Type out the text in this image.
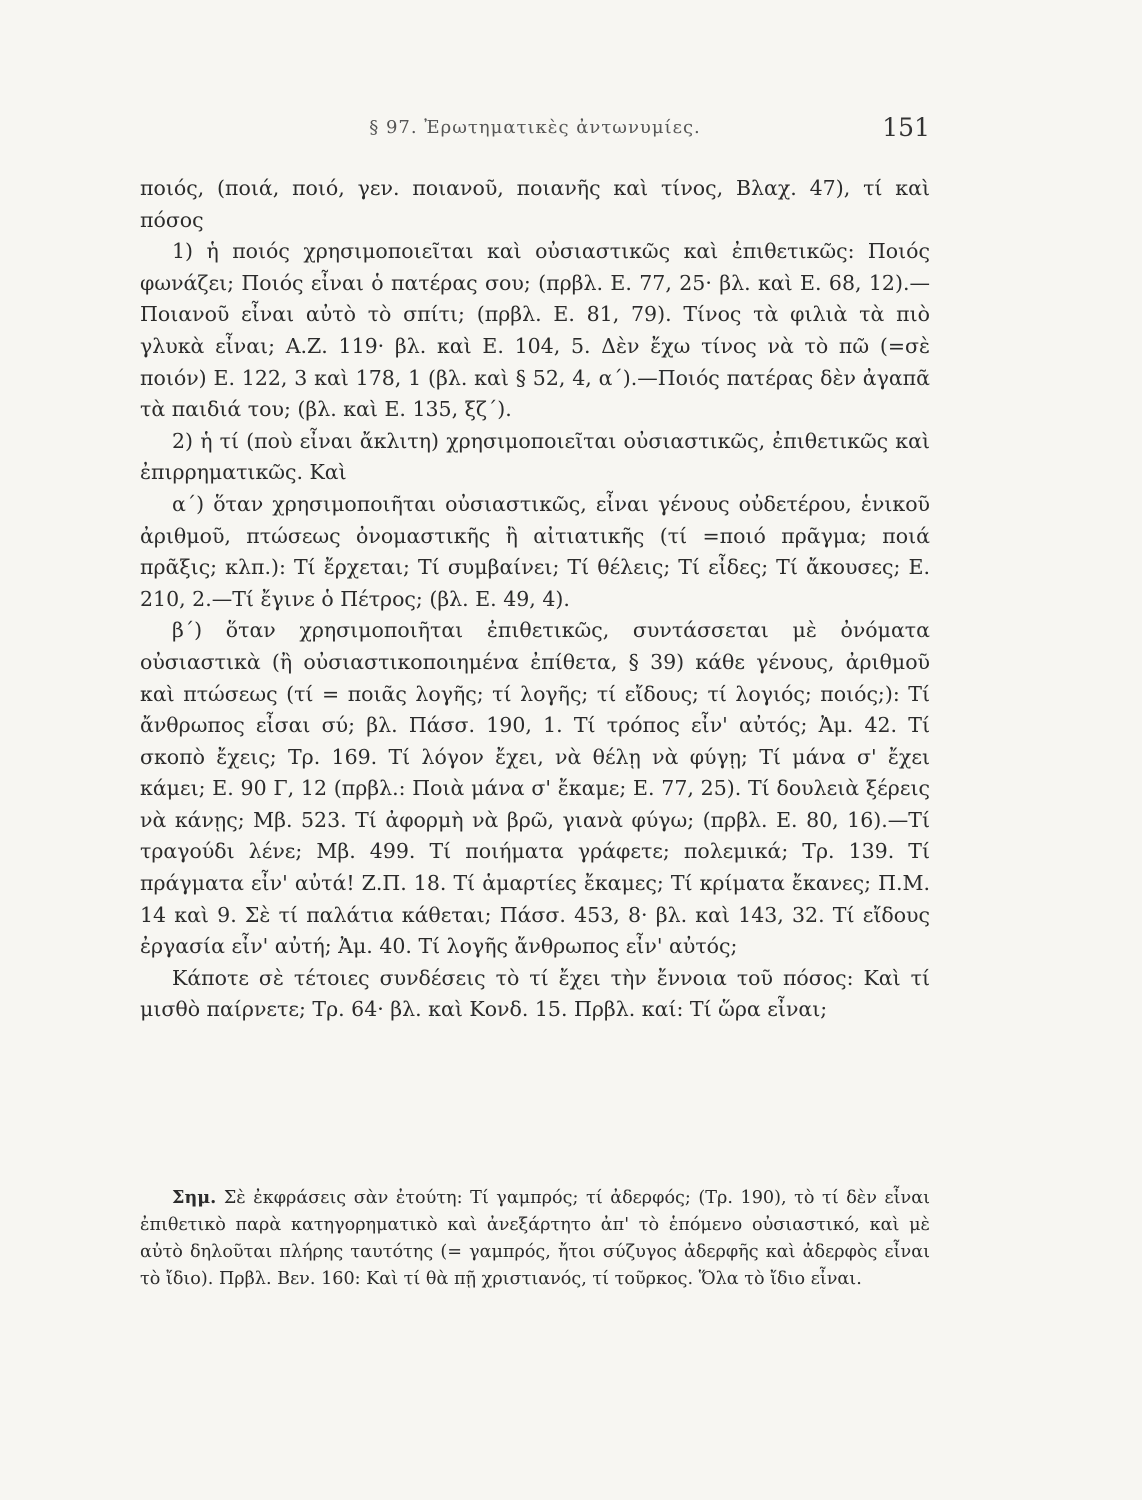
§ 97. Ἐρωτηματικὲς ἀντωνυμίες.	151

ποιός, (ποιά, ποιό, γεν. ποιανοῦ, ποιανῆς καὶ τίνος, Βλαχ. 47), τί καὶ πόσος

1) ἡ ποιός χρησιμοποιεῖται καὶ οὐσιαστικῶς καὶ ἐπιθετικῶς: Ποιός φωνάζει; Ποιός εἶναι ὁ πατέρας σου; (πρβλ. Ε. 77, 25· βλ. καὶ Ε. 68, 12).—Ποιανοῦ εἶναι αὐτὸ τὸ σπίτι; (πρβλ. Ε. 81, 79). Τίνος τὰ φιλιὰ τὰ πιὸ γλυκὰ εἶναι; Α.Ζ. 119· βλ. καὶ Ε. 104, 5. Δὲν ἔχω τίνος νὰ τὸ πῶ (=σὲ ποιόν) Ε. 122, 3 καὶ 178, 1 (βλ. καὶ § 52, 4, α΄).—Ποιός πατέρας δὲν ἀγαπᾶ τὰ παιδιά του; (βλ. καὶ Ε. 135, ξζ΄).

2) ἡ τί (ποὺ εἶναι ἄκλιτη) χρησιμοποιεῖται οὐσιαστικῶς, ἐπιθετικῶς καὶ ἐπιρρηματικῶς. Καὶ

α΄) ὅταν χρησιμοποιῆται οὐσιαστικῶς, εἶναι γένους οὐδετέρου, ἑνικοῦ ἀριθμοῦ, πτώσεως ὀνομαστικῆς ἢ αἰτιατικῆς (τί =ποιό πρᾶγμα; ποιά πρᾶξις; κλπ.): Τί ἔρχεται; Τί συμβαίνει; Τί θέλεις; Τί εἶδες; Τί ἄκουσες; Ε. 210, 2.—Τί ἔγινε ὁ Πέτρος; (βλ. Ε. 49, 4).

β΄) ὅταν χρησιμοποιῆται ἐπιθετικῶς, συντάσσεται μὲ ὀνόματα οὐσιαστικὰ (ἢ οὐσιαστικοποιημένα ἐπίθετα, § 39) κάθε γένους, ἀριθμοῦ καὶ πτώσεως (τί = ποιᾶς λογῆς; τί λογῆς; τί εἴδους; τί λογιός; ποιός;): Τί ἄνθρωπος εἶσαι σύ; βλ. Πάσσ. 190, 1. Τί τρόπος εἶν' αὐτός; Ἀμ. 42. Τί σκοπὸ ἔχεις; Τρ. 169. Τί λόγον ἔχει, νὰ θέλῃ νὰ φύγῃ; Τί μάνα σ' ἔχει κάμει; Ε. 90 Γ, 12 (πρβλ.: Ποιὰ μάνα σ' ἔκαμε; Ε. 77, 25). Τί δουλειὰ ξέρεις νὰ κάνῃς; Μβ. 523. Τί ἀφορμὴ νὰ βρῶ, γιανὰ φύγω; (πρβλ. Ε. 80, 16).—Τί τραγούδι λένε; Μβ. 499. Τί ποιήματα γράφετε; πολεμικά; Τρ. 139. Τί πράγματα εἶν' αὐτά! Ζ.Π. 18. Τί ἁμαρτίες ἔκαμες; Τί κρίματα ἔκανες; Π.Μ. 14 καὶ 9. Σὲ τί παλάτια κάθεται; Πάσσ. 453, 8· βλ. καὶ 143, 32. Τί εἴδους ἐργασία εἶν' αὐτή; Ἀμ. 40. Τί λογῆς ἄνθρωπος εἶν' αὐτός;

Κάποτε σὲ τέτοιες συνδέσεις τὸ τί ἔχει τὴν ἔννοια τοῦ πόσος: Καὶ τί μισθὸ παίρνετε; Τρ. 64· βλ. καὶ Κονδ. 15. Πρβλ. καί: Τί ὥρα εἶναι;

Σημ. Σὲ ἐκφράσεις σὰν ἐτούτη: Τί γαμπρός; τί ἀδερφός; (Τρ. 190), τὸ τί δὲν εἶναι ἐπιθετικὸ παρὰ κατηγορηματικὸ καὶ ἀνεξάρτητο ἀπ' τὸ ἑπόμενο οὐσιαστικό, καὶ μὲ αὐτὸ δηλοῦται πλήρης ταυτότης (= γαμπρός, ἤτοι σύζυγος ἀδερφῆς καὶ ἀδερφὸς εἶναι τὸ ἴδιο). Πρβλ. Βεν. 160: Καὶ τί θὰ πῇ χριστιανός, τί τοῦρκος. Ὅλα τὸ ἴδιο εἶναι.
